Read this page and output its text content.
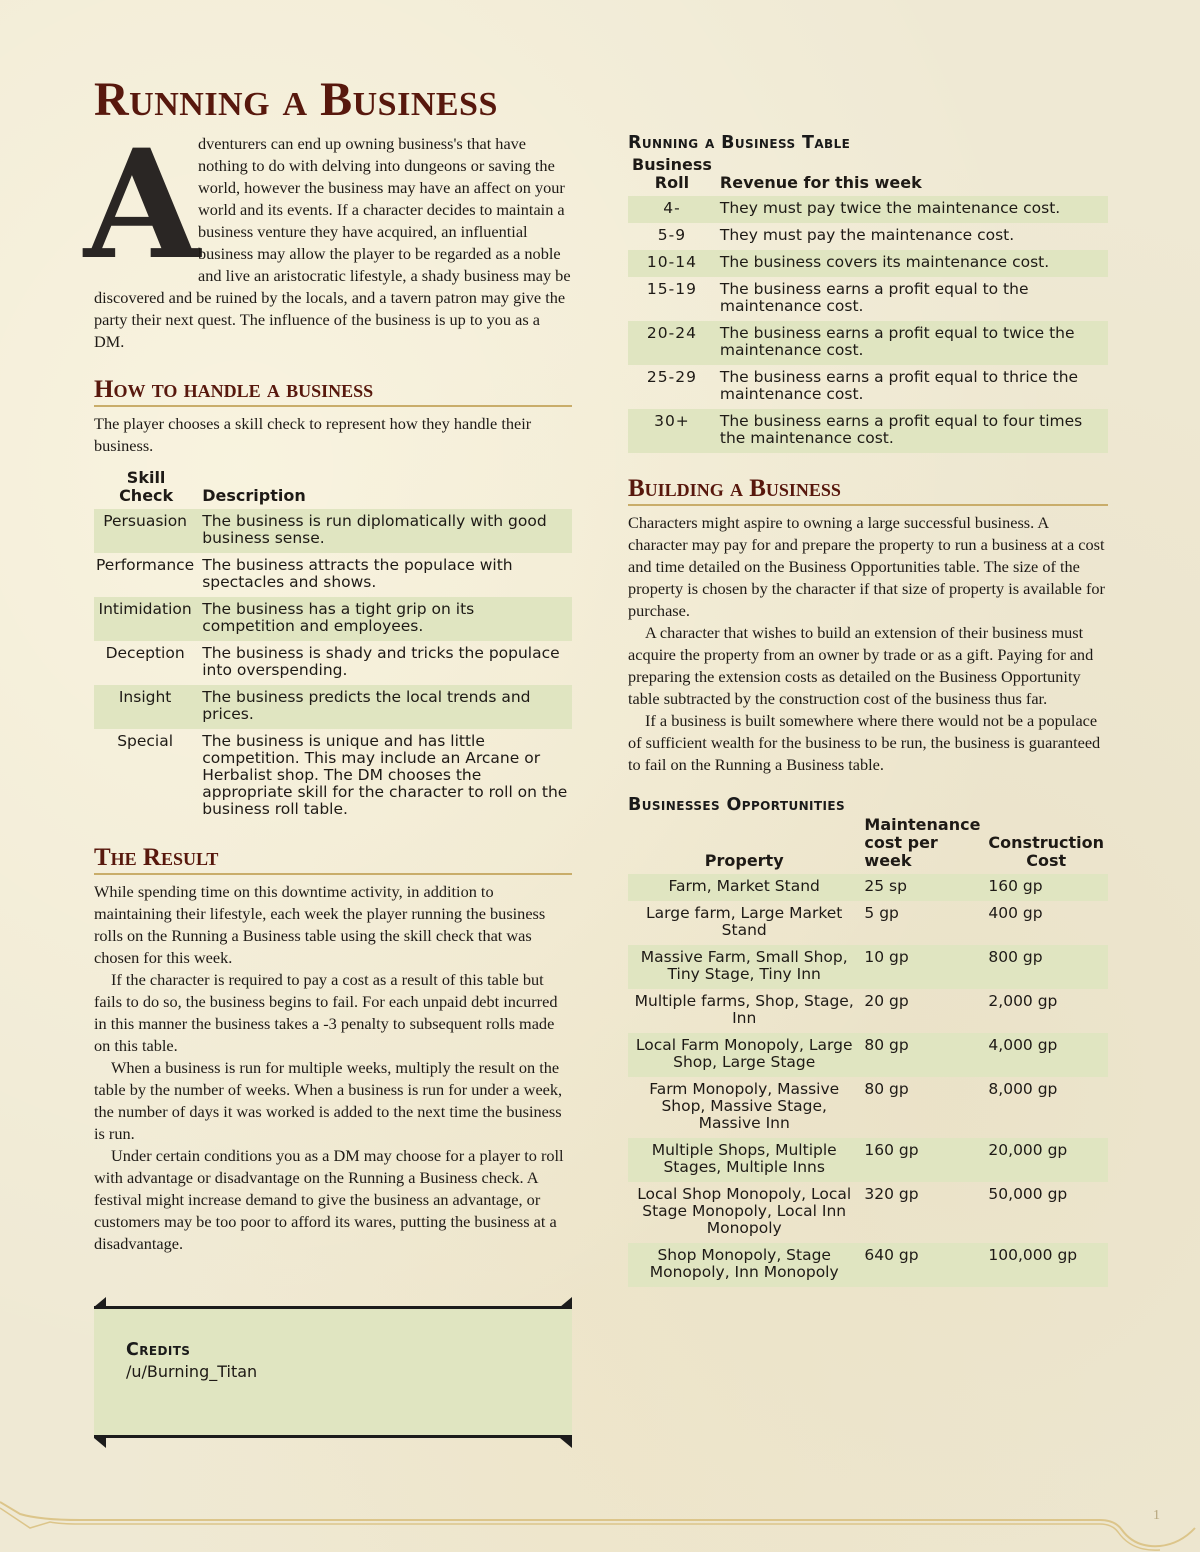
Running a Business
A

dventurers can end up owning business's that have nothing to do with delving into dungeons or saving the world, however the business may have an affect on your world and its events. If a character decides to maintain a business venture they have acquired, an influential business may allow the player to be regarded as a noble and live an aristocratic lifestyle, a shady business may be discovered and be ruined by the locals, and a tavern patron may give the party their next quest. The influence of the business is up to you as a DM.

How to handle a business

The player chooses a skill check to represent how they handle their business.

Skill Check	Description
Persuasion	The business is run diplomatically with good business sense.
Performance	The business attracts the populace with spectacles and shows.
Intimidation	The business has a tight grip on its competition and employees.
Deception	The business is shady and tricks the populace into overspending.
Insight	The business predicts the local trends and prices.
Special	The business is unique and has little competition. This may include an Arcane or Herbalist shop. The DM chooses the appropriate skill for the character to roll on the business roll table.
The Result

While spending time on this downtime activity, in addition to maintaining their lifestyle, each week the player running the business rolls on the Running a Business table using the skill check that was chosen for this week.

If the character is required to pay a cost as a result of this table but fails to do so, the business begins to fail. For each unpaid debt incurred in this manner the business takes a -3 penalty to subsequent rolls made on this table.

When a business is run for multiple weeks, multiply the result on the table by the number of weeks. When a business is run for under a week, the number of days it was worked is added to the next time the business is run.

Under certain conditions you as a DM may choose for a player to roll with advantage or disadvantage on the Running a Business check. A festival might increase demand to give the business an advantage, or customers may be too poor to afford its wares, putting the business at a disadvantage.

Credits
/u/Burning_Titan
Running a Business Table
Business Roll	Revenue for this week
4-	They must pay twice the maintenance cost.
5-9	They must pay the maintenance cost.
10-14	The business covers its maintenance cost.
15-19	The business earns a profit equal to the maintenance cost.
20-24	The business earns a profit equal to twice the maintenance cost.
25-29	The business earns a profit equal to thrice the maintenance cost.
30+	The business earns a profit equal to four times the maintenance cost.
Building a Business

Characters might aspire to owning a large successful business. A character may pay for and prepare the property to run a business at a cost and time detailed on the Business Opportunities table. The size of the property is chosen by the character if that size of property is available for purchase.

A character that wishes to build an extension of their business must acquire the property from an owner by trade or as a gift. Paying for and preparing the extension costs as detailed on the Business Opportunity table subtracted by the construction cost of the business thus far.

If a business is built somewhere where there would not be a populace of sufficient wealth for the business to be run, the business is guaranteed to fail on the Running a Business table.

Businesses Opportunities
Property	Maintenance cost per week	Construction Cost
Farm, Market Stand	25 sp	160 gp
Large farm, Large Market Stand	5 gp	400 gp
Massive Farm, Small Shop, Tiny Stage, Tiny Inn	10 gp	800 gp
Multiple farms, Shop, Stage, Inn	20 gp	2,000 gp
Local Farm Monopoly, Large Shop, Large Stage	80 gp	4,000 gp
Farm Monopoly, Massive Shop, Massive Stage, Massive Inn	80 gp	8,000 gp
Multiple Shops, Multiple Stages, Multiple Inns	160 gp	20,000 gp
Local Shop Monopoly, Local Stage Monopoly, Local Inn Monopoly	320 gp	50,000 gp
Shop Monopoly, Stage Monopoly, Inn Monopoly	640 gp	100,000 gp
1
